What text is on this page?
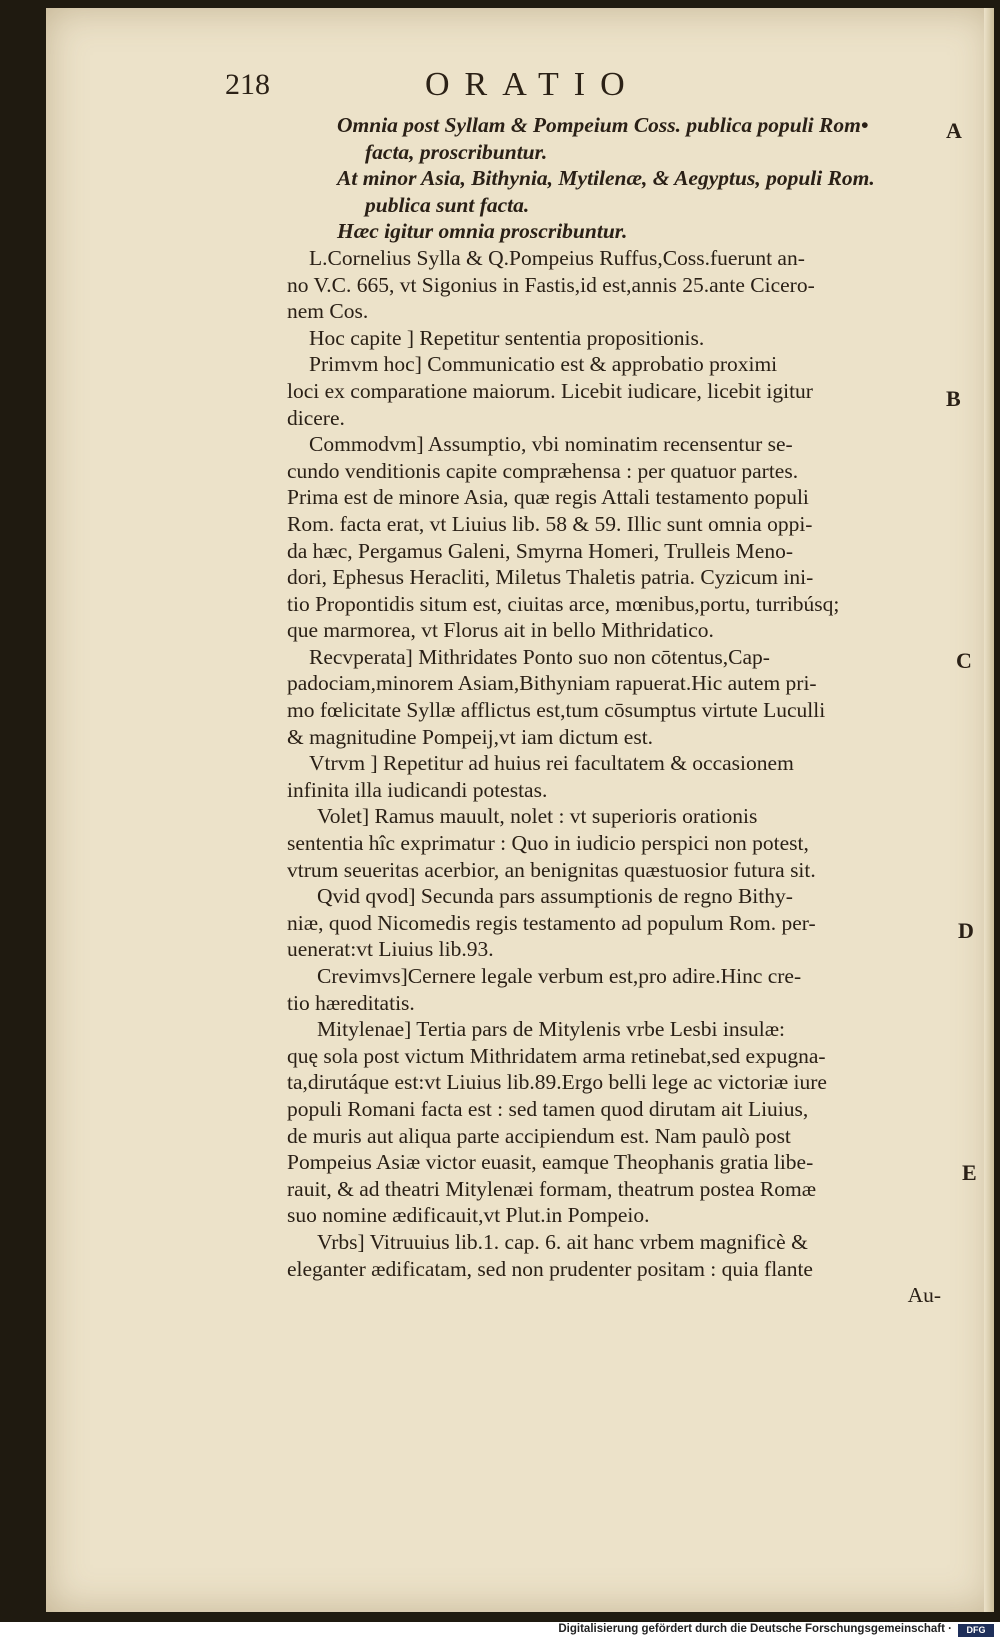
218	ORATIO
Omnia post Syllam & Pompeium Coss. publica populi Rom•
facta, proscribuntur.
At minor Asia, Bithynia, Mytilenæ, & Aegyptus, populi Rom.
publica sunt facta.
Hæc igitur omnia proscribuntur.
L.Cornelius Sylla & Q.Pompeius Ruffus,Coss.fuerunt an-
no V.C. 665, vt Sigonius in Fastis,id est,annis 25.ante Cicero-
nem Cos.
Hoc capite ] Repetitur sententia propositionis.
Primvm hoc] Communicatio est & approbatio proximi
loci ex comparatione maiorum. Licebit iudicare, licebit igitur
dicere.
Commodvm] Assumptio, vbi nominatim recensentur se-
cundo venditionis capite compræhensa : per quatuor partes.
Prima est de minore Asia, quæ regis Attali testamento populi
Rom. facta erat, vt Liuius lib. 58 & 59. Illic sunt omnia oppi-
da hæc, Pergamus Galeni, Smyrna Homeri, Trulleis Meno-
dori, Ephesus Heracliti, Miletus Thaletis patria. Cyzicum ini-
tio Propontidis situm est, ciuitas arce, mœnibus,portu, turribúsq;
que marmorea, vt Florus ait in bello Mithridatico.
Recvperata] Mithridates Ponto suo non cōtentus,Cap-
padociam,minorem Asiam,Bithyniam rapuerat.Hic autem pri-
mo fœlicitate Syllæ afflictus est,tum cōsumptus virtute Luculli
& magnitudine Pompeij,vt iam dictum est.
Vtrvm ] Repetitur ad huius rei facultatem & occasionem
infinita illa iudicandi potestas.
Volet] Ramus mauult, nolet : vt superioris orationis
sententia hîc exprimatur : Quo in iudicio perspici non potest,
vtrum seueritas acerbior, an benignitas quæstuosior futura sit.
Qvid qvod] Secunda pars assumptionis de regno Bithy-
niæ, quod Nicomedis regis testamento ad populum Rom. per-
uenerat:vt Liuius lib.93.
Crevimvs]Cernere legale verbum est,pro adire.Hinc cre-
tio hæreditatis.
Mitylenae] Tertia pars de Mitylenis vrbe Lesbi insulæ:
quę sola post victum Mithridatem arma retinebat,sed expugna-
ta,dirutáque est:vt Liuius lib.89.Ergo belli lege ac victoriæ iure
populi Romani facta est : sed tamen quod dirutam ait Liuius,
de muris aut aliqua parte accipiendum est. Nam paulò post
Pompeius Asiæ victor euasit, eamque Theophanis gratia libe-
rauit, & ad theatri Mitylenæi formam, theatrum postea Romæ
suo nomine ædificauit,vt Plut.in Pompeio.
Vrbs] Vitruuius lib.1. cap. 6. ait hanc vrbem magnificè &
eleganter ædificatam, sed non prudenter positam : quia flante
Au-
A
B
C
D
E
Digitalisierung gefördert durch die Deutsche Forschungsgemeinschaft ·	DFG
